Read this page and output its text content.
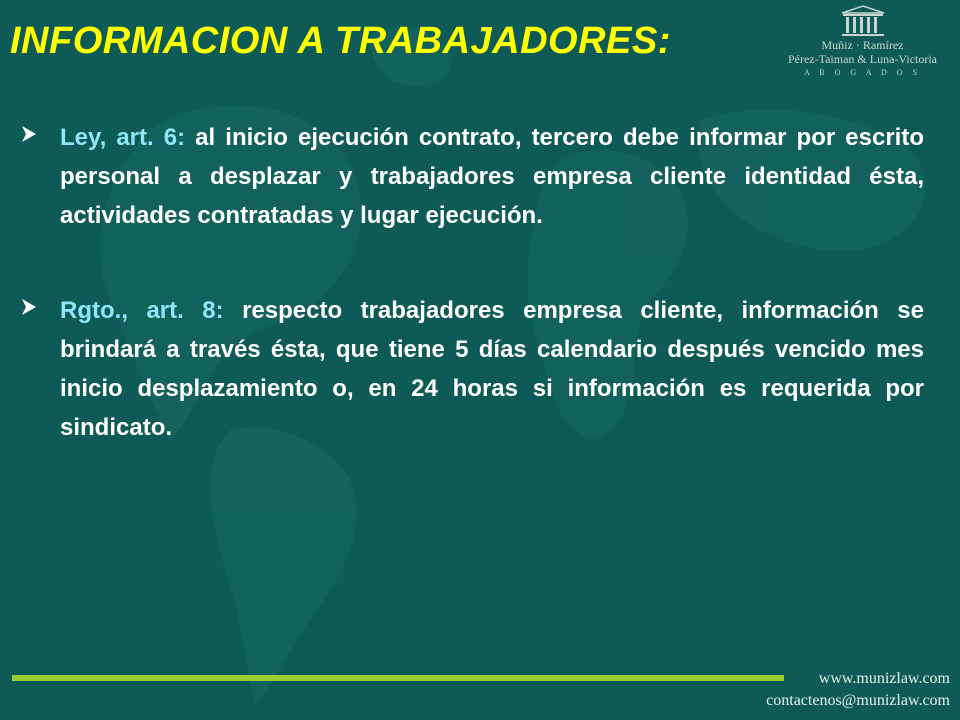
INFORMACION A TRABAJADORES:	Muñiz · Ramírez
Pérez-Taiman & Luna-Victoria
A B O G A D O S

Ley, art. 6: al inicio ejecución contrato, tercero debe informar por escrito personal a desplazar y trabajadores empresa cliente identidad ésta, actividades contratadas y lugar ejecución.

Rgto., art. 8: respecto trabajadores empresa cliente, información se brindará a través ésta, que tiene 5 días calendario después vencido mes inicio desplazamiento o, en 24 horas si información es requerida por sindicato.

www.munizlaw.com
contactenos@munizlaw.com
